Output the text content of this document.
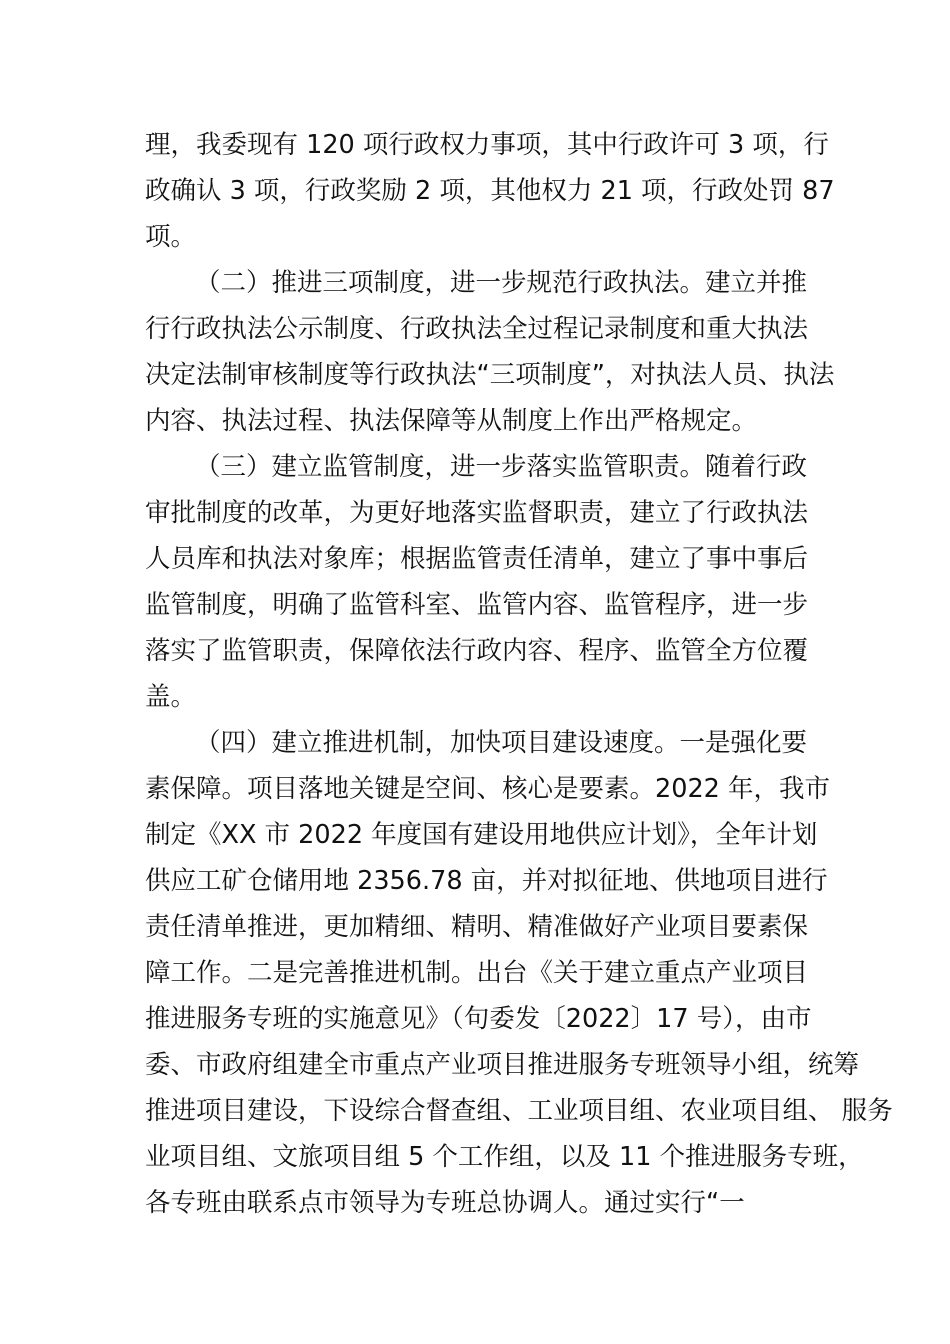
理，我委现有 120 项行政权力事项，其中行政许可 3 项，行
政确认 3 项，行政奖励 2 项，其他权力 21 项，行政处罚 87
项。
（二）推进三项制度，进一步规范行政执法。建立并推
行行政执法公示制度、行政执法全过程记录制度和重大执法
决定法制审核制度等行政执法“三项制度”，对执法人员、执法
内容、执法过程、执法保障等从制度上作出严格规定。
（三）建立监管制度，进一步落实监管职责。随着行政
审批制度的改革，为更好地落实监督职责，建立了行政执法
人员库和执法对象库；根据监管责任清单，建立了事中事后
监管制度，明确了监管科室、监管内容、监管程序，进一步
落实了监管职责，保障依法行政内容、程序、监管全方位覆
盖。
（四）建立推进机制，加快项目建设速度。一是强化要
素保障。项目落地关键是空间、核心是要素。2022 年，我市
制定《XX 市 2022 年度国有建设用地供应计划》，全年计划
供应工矿仓储用地 2356.78 亩，并对拟征地、供地项目进行
责任清单推进，更加精细、精明、精准做好产业项目要素保
障工作。二是完善推进机制。出台《关于建立重点产业项目
推进服务专班的实施意见》（句委发〔2022〕17 号），由市
委、市政府组建全市重点产业项目推进服务专班领导小组，统筹
推进项目建设，下设综合督查组、工业项目组、农业项目组、 服务
业项目组、文旅项目组 5 个工作组，以及 11 个推进服务专班，
各专班由联系点市领导为专班总协调人。通过实行“一
